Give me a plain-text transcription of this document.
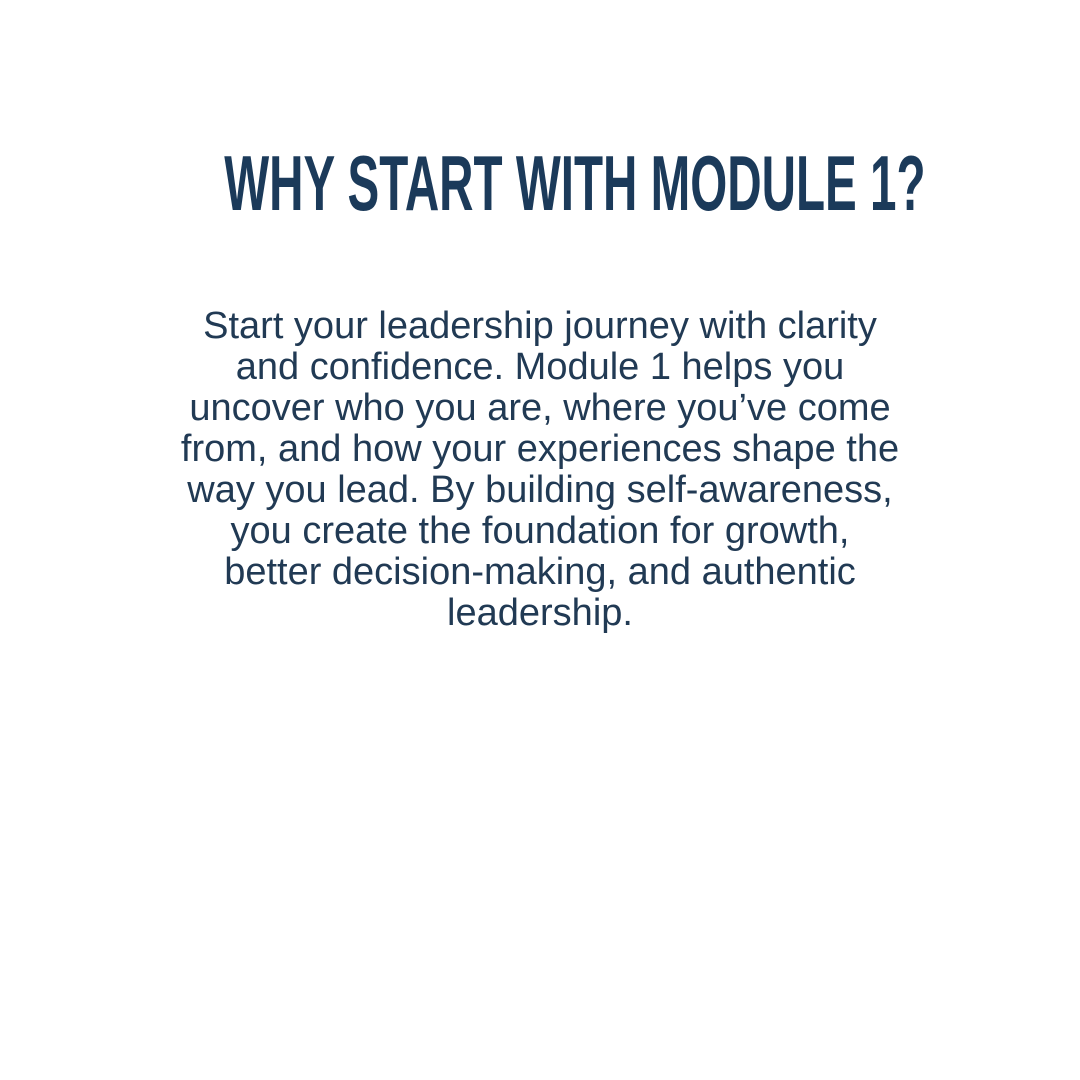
WHY START WITH MODULE 1?
Start your leadership journey with clarity
and confidence. Module 1 helps you
uncover who you are, where you’ve come
from, and how your experiences shape the
way you lead. By building self-awareness,
you create the foundation for growth,
better decision-making, and authentic
leadership.
